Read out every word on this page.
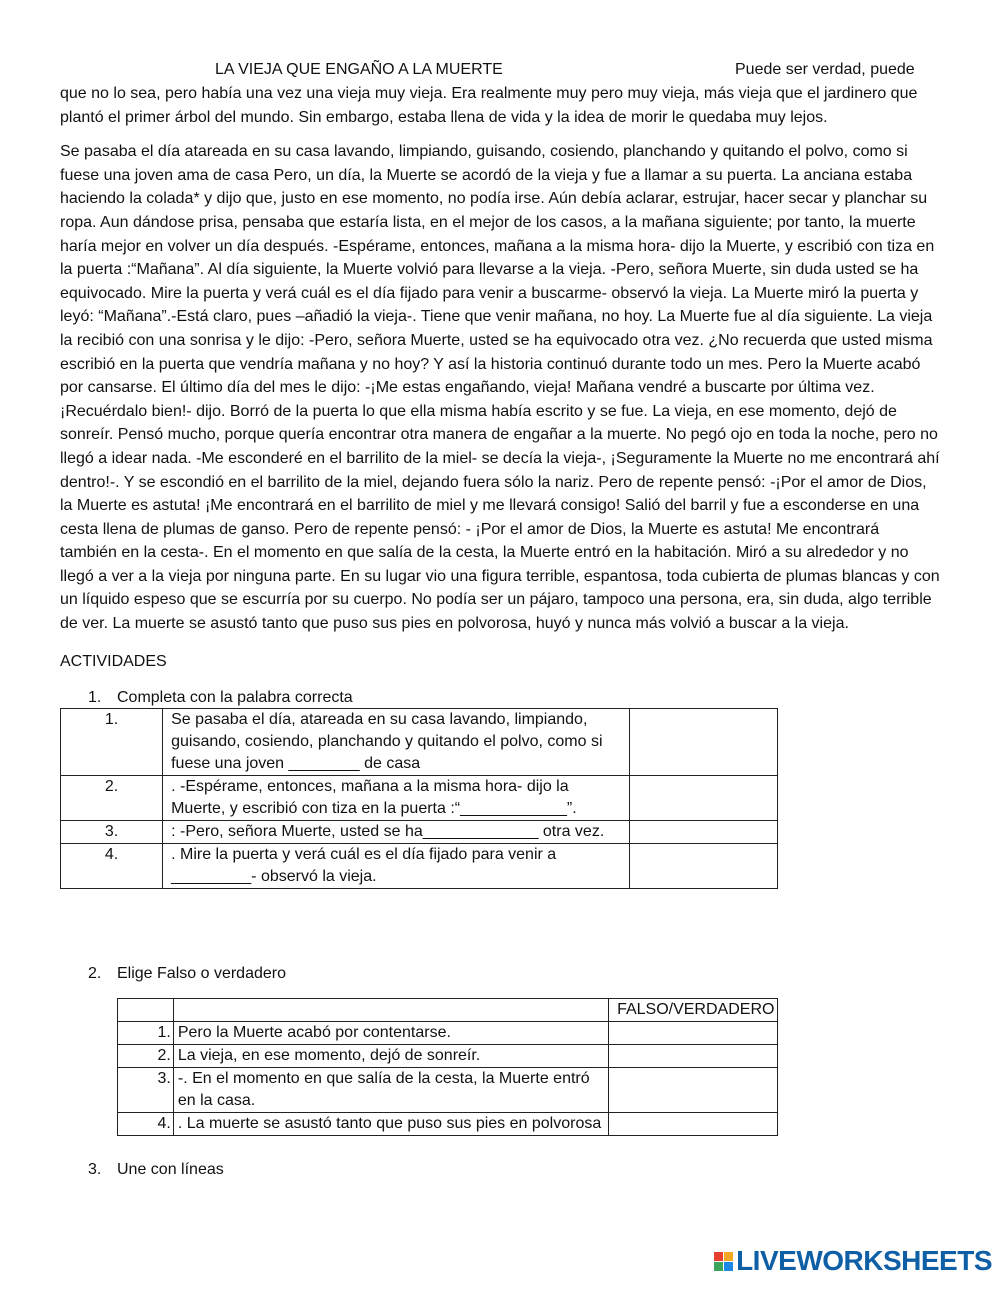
LA VIEJA QUE ENGAÑO A LA MUERTE	Puede ser verdad, puede

que no lo sea, pero había una vez una vieja muy vieja. Era realmente muy pero muy vieja, más vieja que el jardinero que plantó el primer árbol del mundo. Sin embargo, estaba llena de vida y la idea de morir le quedaba muy lejos.

Se pasaba el día atareada en su casa lavando, limpiando, guisando, cosiendo, planchando y quitando el polvo, como si fuese una joven ama de casa Pero, un día, la Muerte se acordó de la vieja y fue a llamar a su puerta. La anciana estaba haciendo la colada* y dijo que, justo en ese momento, no podía irse. Aún debía aclarar, estrujar, hacer secar y planchar su ropa. Aun dándose prisa, pensaba que estaría lista, en el mejor de los casos, a la mañana siguiente; por tanto, la muerte haría mejor en volver un día después. -Espérame, entonces, mañana a la misma hora- dijo la Muerte, y escribió con tiza en la puerta :“Mañana”. Al día siguiente, la Muerte volvió para llevarse a la vieja. -Pero, señora Muerte, sin duda usted se ha equivocado. Mire la puerta y verá cuál es el día fijado para venir a buscarme- observó la vieja. La Muerte miró la puerta y leyó: “Mañana”.-Está claro, pues –añadió la vieja-. Tiene que venir mañana, no hoy. La Muerte fue al día siguiente. La vieja la recibió con una sonrisa y le dijo: -Pero, señora Muerte, usted se ha equivocado otra vez. ¿No recuerda que usted misma escribió en la puerta que vendría mañana y no hoy? Y así la historia continuó durante todo un mes. Pero la Muerte acabó por cansarse. El último día del mes le dijo: -¡Me estas engañando, vieja! Mañana vendré a buscarte por última vez. ¡Recuérdalo bien!- dijo. Borró de la puerta lo que ella misma había escrito y se fue. La vieja, en ese momento, dejó de sonreír. Pensó mucho, porque quería encontrar otra manera de engañar a la muerte. No pegó ojo en toda la noche, pero no llegó a idear nada. -Me esconderé en el barrilito de la miel- se decía la vieja-, ¡Seguramente la Muerte no me encontrará ahí dentro!-. Y se escondió en el barrilito de la miel, dejando fuera sólo la nariz. Pero de repente pensó: -¡Por el amor de Dios, la Muerte es astuta! ¡Me encontrará en el barrilito de miel y me llevará consigo! Salió del barril y fue a esconderse en una cesta llena de plumas de ganso. Pero de repente pensó: - ¡Por el amor de Dios, la Muerte es astuta! Me encontrará también en la cesta-. En el momento en que salía de la cesta, la Muerte entró en la habitación. Miró a su alrededor y no llegó a ver a la vieja por ninguna parte. En su lugar vio una figura terrible, espantosa, toda cubierta de plumas blancas y con un líquido espeso que se escurría por su cuerpo. No podía ser un pájaro, tampoco una persona, era, sin duda, algo terrible de ver. La muerte se asustó tanto que puso sus pies en polvorosa, huyó y nunca más volvió a buscar a la vieja.

ACTIVIDADES
1. Completa con la palabra correcta
1.	Se pasaba el día, atareada en su casa lavando, limpiando, guisando, cosiendo, planchando y quitando el polvo, como si fuese una joven ________ de casa	
2.	. -Espérame, entonces, mañana a la misma hora- dijo la Muerte, y escribió con tiza en la puerta :“____________”.	
3.	: -Pero, señora Muerte, usted se ha_____________ otra vez.	
4.	. Mire la puerta y verá cuál es el día fijado para venir a _________- observó la vieja.	
2. Elige Falso o verdadero
		FALSO/VERDADERO
1.	Pero la Muerte acabó por contentarse.	
2.	La vieja, en ese momento, dejó de sonreír.	
3.	-. En el momento en que salía de la cesta, la Muerte entró en la casa.	
4.	. La muerte se asustó tanto que puso sus pies en polvorosa	
3. Une con líneas
LIVEWORKSHEETS
